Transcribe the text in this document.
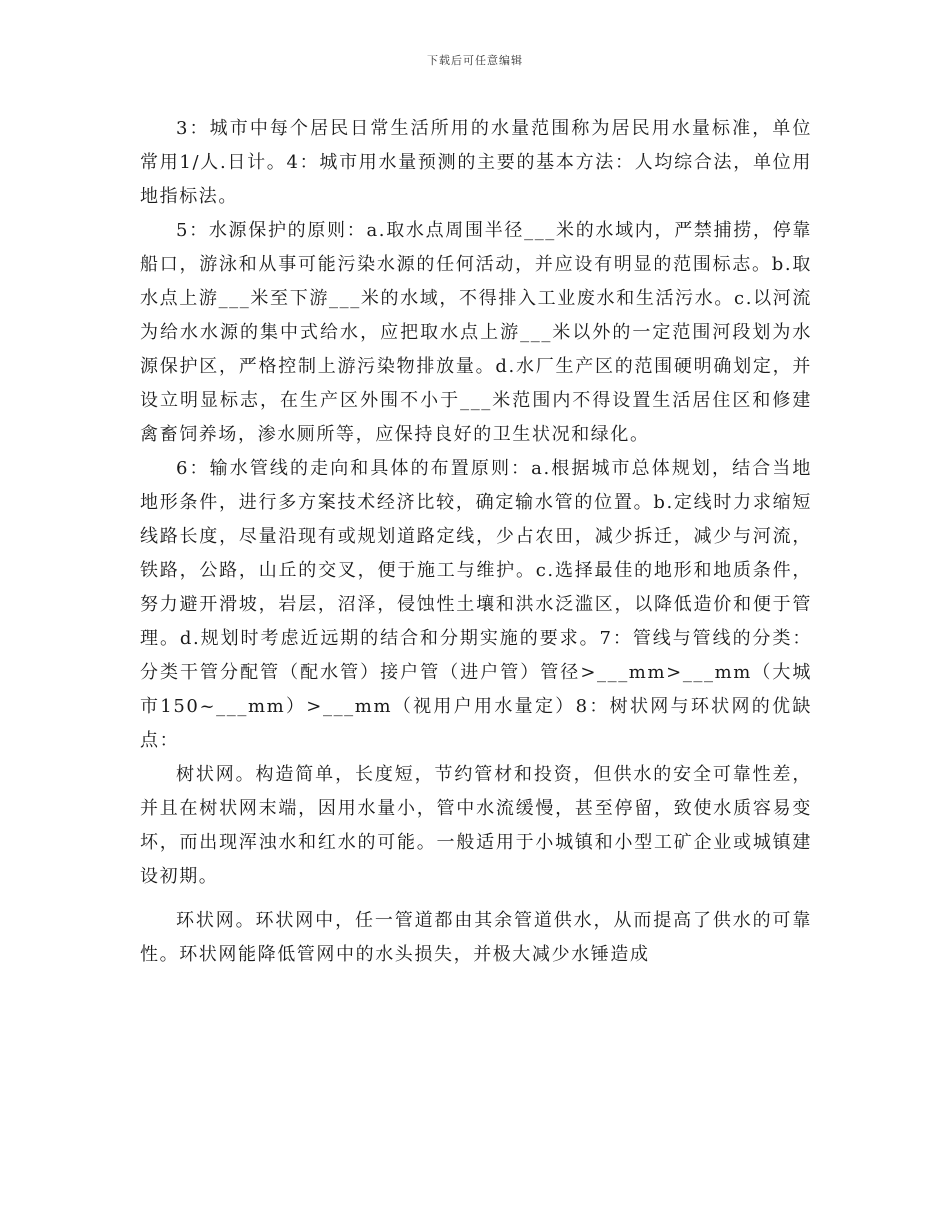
下载后可任意编辑

3：城市中每个居民日常生活所用的水量范围称为居民用水量标准，单位常用1/人.日计。4：城市用水量预测的主要的基本方法：人均综合法，单位用地指标法。

5：水源保护的原则：a.取水点周围半径___米的水域内，严禁捕捞，停靠船口，游泳和从事可能污染水源的任何活动，并应设有明显的范围标志。b.取水点上游___米至下游___米的水域，不得排入工业废水和生活污水。c.以河流为给水水源的集中式给水，应把取水点上游___米以外的一定范围河段划为水源保护区，严格控制上游污染物排放量。d.水厂生产区的范围硬明确划定，并设立明显标志，在生产区外围不小于___米范围内不得设置生活居住区和修建禽畜饲养场，渗水厕所等，应保持良好的卫生状况和绿化。

6：输水管线的走向和具体的布置原则：a.根据城市总体规划，结合当地地形条件，进行多方案技术经济比较，确定输水管的位置。b.定线时力求缩短线路长度，尽量沿现有或规划道路定线，少占农田，减少拆迁，减少与河流，铁路，公路，山丘的交叉，便于施工与维护。c.选择最佳的地形和地质条件，努力避开滑坡，岩层，沼泽，侵蚀性土壤和洪水泛滥区，以降低造价和便于管理。d.规划时考虑近远期的结合和分期实施的要求。7：管线与管线的分类：分类干管分配管（配水管）接户管（进户管）管径>___mm>___mm（大城市150~___mm）>___mm（视用户用水量定）8：树状网与环状网的优缺点：

树状网。构造简单，长度短，节约管材和投资，但供水的安全可靠性差，并且在树状网末端，因用水量小，管中水流缓慢，甚至停留，致使水质容易变坏，而出现浑浊水和红水的可能。一般适用于小城镇和小型工矿企业或城镇建设初期。

环状网。环状网中，任一管道都由其余管道供水，从而提高了供水的可靠性。环状网能降低管网中的水头损失，并极大减少水锤造成
